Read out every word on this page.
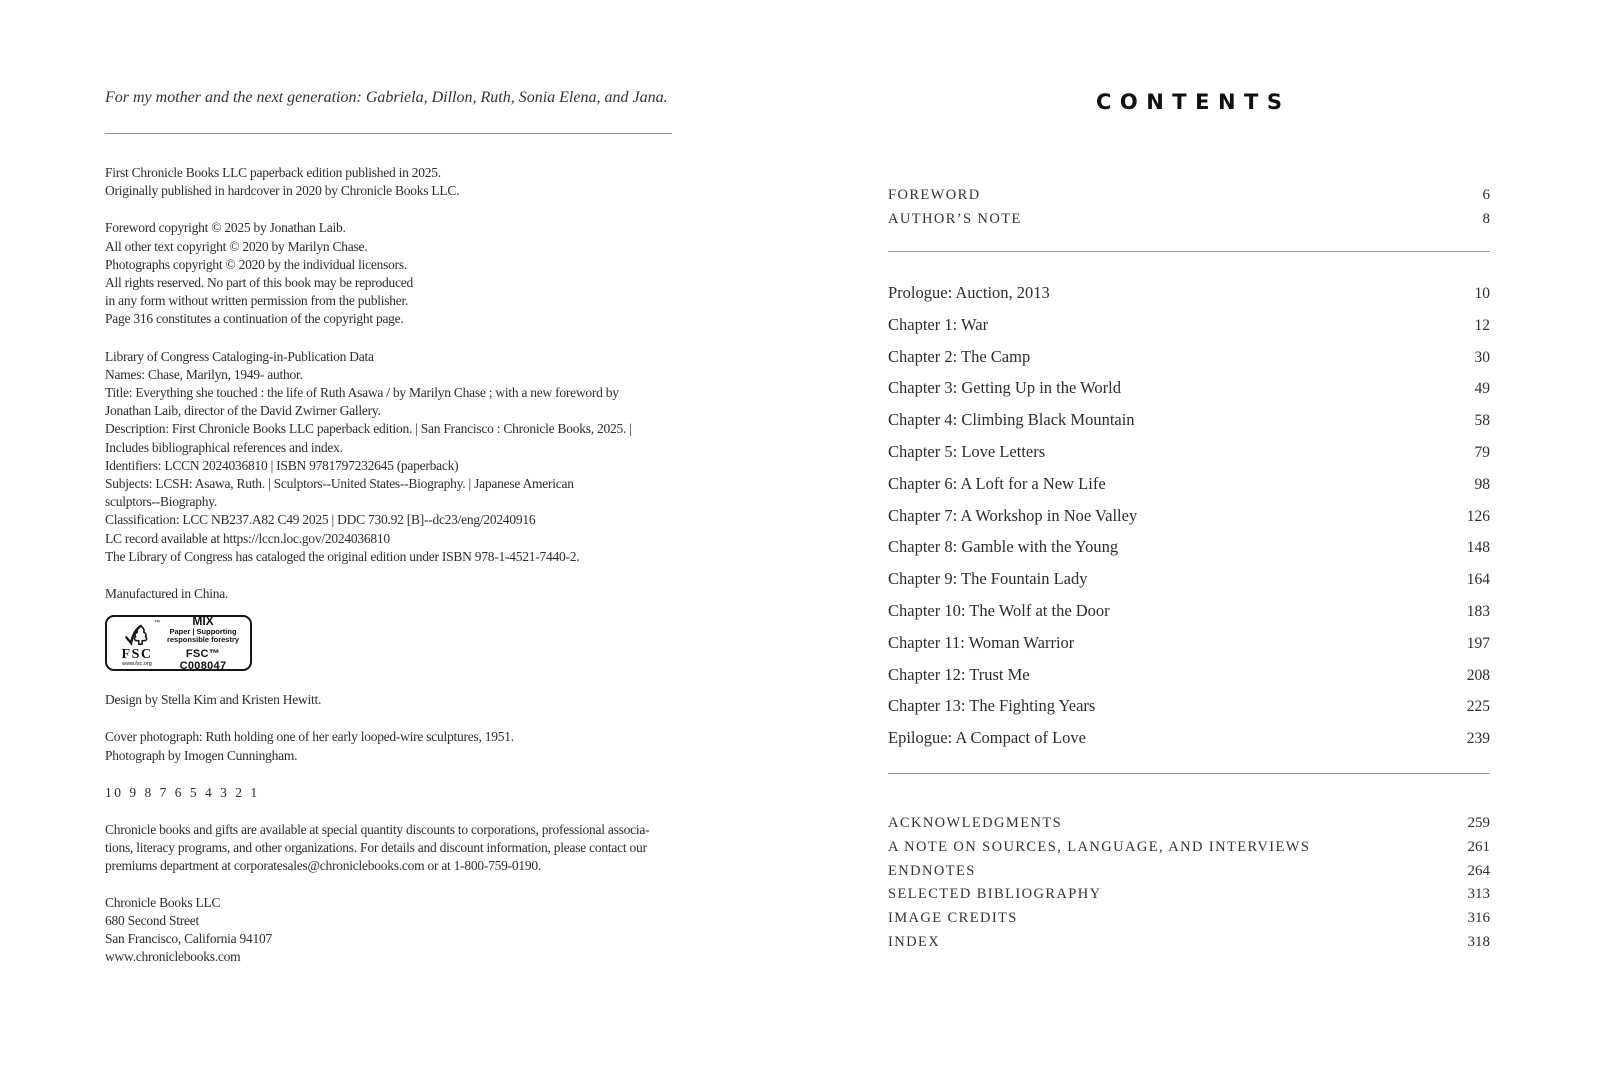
For my mother and the next generation: Gabriela, Dillon, Ruth, Sonia Elena, and Jana.

First Chronicle Books LLC paperback edition published in 2025.
Originally published in hardcover in 2020 by Chronicle Books LLC.
Foreword copyright © 2025 by Jonathan Laib.
All other text copyright © 2020 by Marilyn Chase.
Photographs copyright © 2020 by the individual licensors.
All rights reserved. No part of this book may be reproduced
in any form without written permission from the publisher.
Page 316 constitutes a continuation of the copyright page.
Library of Congress Cataloging-in-Publication Data
Names: Chase, Marilyn, 1949- author.
Title: Everything she touched : the life of Ruth Asawa / by Marilyn Chase ; with a new foreword by
Jonathan Laib, director of the David Zwirner Gallery.
Description: First Chronicle Books LLC paperback edition. | San Francisco : Chronicle Books, 2025. |
Includes bibliographical references and index.
Identifiers: LCCN 2024036810 | ISBN 9781797232645 (paperback)
Subjects: LCSH: Asawa, Ruth. | Sculptors--United States--Biography. | Japanese American
sculptors--Biography.
Classification: LCC NB237.A82 C49 2025 | DDC 730.92 [B]--dc23/eng/20240916
LC record available at https://lccn.loc.gov/2024036810
The Library of Congress has cataloged the original edition under ISBN 978-1-4521-7440-2.
Manufactured in China.
™
FSC
www.fsc.org
MIX
Paper | Supporting
responsible forestry
FSC™ C008047
Design by Stella Kim and Kristen Hewitt.
Cover photograph: Ruth holding one of her early looped-wire sculptures, 1951.
Photograph by Imogen Cunningham.
10 9 8 7 6 5 4 3 2 1
Chronicle books and gifts are available at special quantity discounts to corporations, professional associa-
tions, literacy programs, and other organizations. For details and discount information, please contact our
premiums department at corporatesales@chroniclebooks.com or at 1-800-759-0190.
Chronicle Books LLC
680 Second Street
San Francisco, California 94107
www.chroniclebooks.com
CONTENTS
FOREWORD	6
AUTHOR’S NOTE	8
Prologue: Auction, 2013	10
Chapter 1: War	12
Chapter 2: The Camp	30
Chapter 3: Getting Up in the World	49
Chapter 4: Climbing Black Mountain	58
Chapter 5: Love Letters	79
Chapter 6: A Loft for a New Life	98
Chapter 7: A Workshop in Noe Valley	126
Chapter 8: Gamble with the Young	148
Chapter 9: The Fountain Lady	164
Chapter 10: The Wolf at the Door	183
Chapter 11: Woman Warrior	197
Chapter 12: Trust Me	208
Chapter 13: The Fighting Years	225
Epilogue: A Compact of Love	239
ACKNOWLEDGMENTS	259
A NOTE ON SOURCES, LANGUAGE, AND INTERVIEWS	261
ENDNOTES	264
SELECTED BIBLIOGRAPHY	313
IMAGE CREDITS	316
INDEX	318
